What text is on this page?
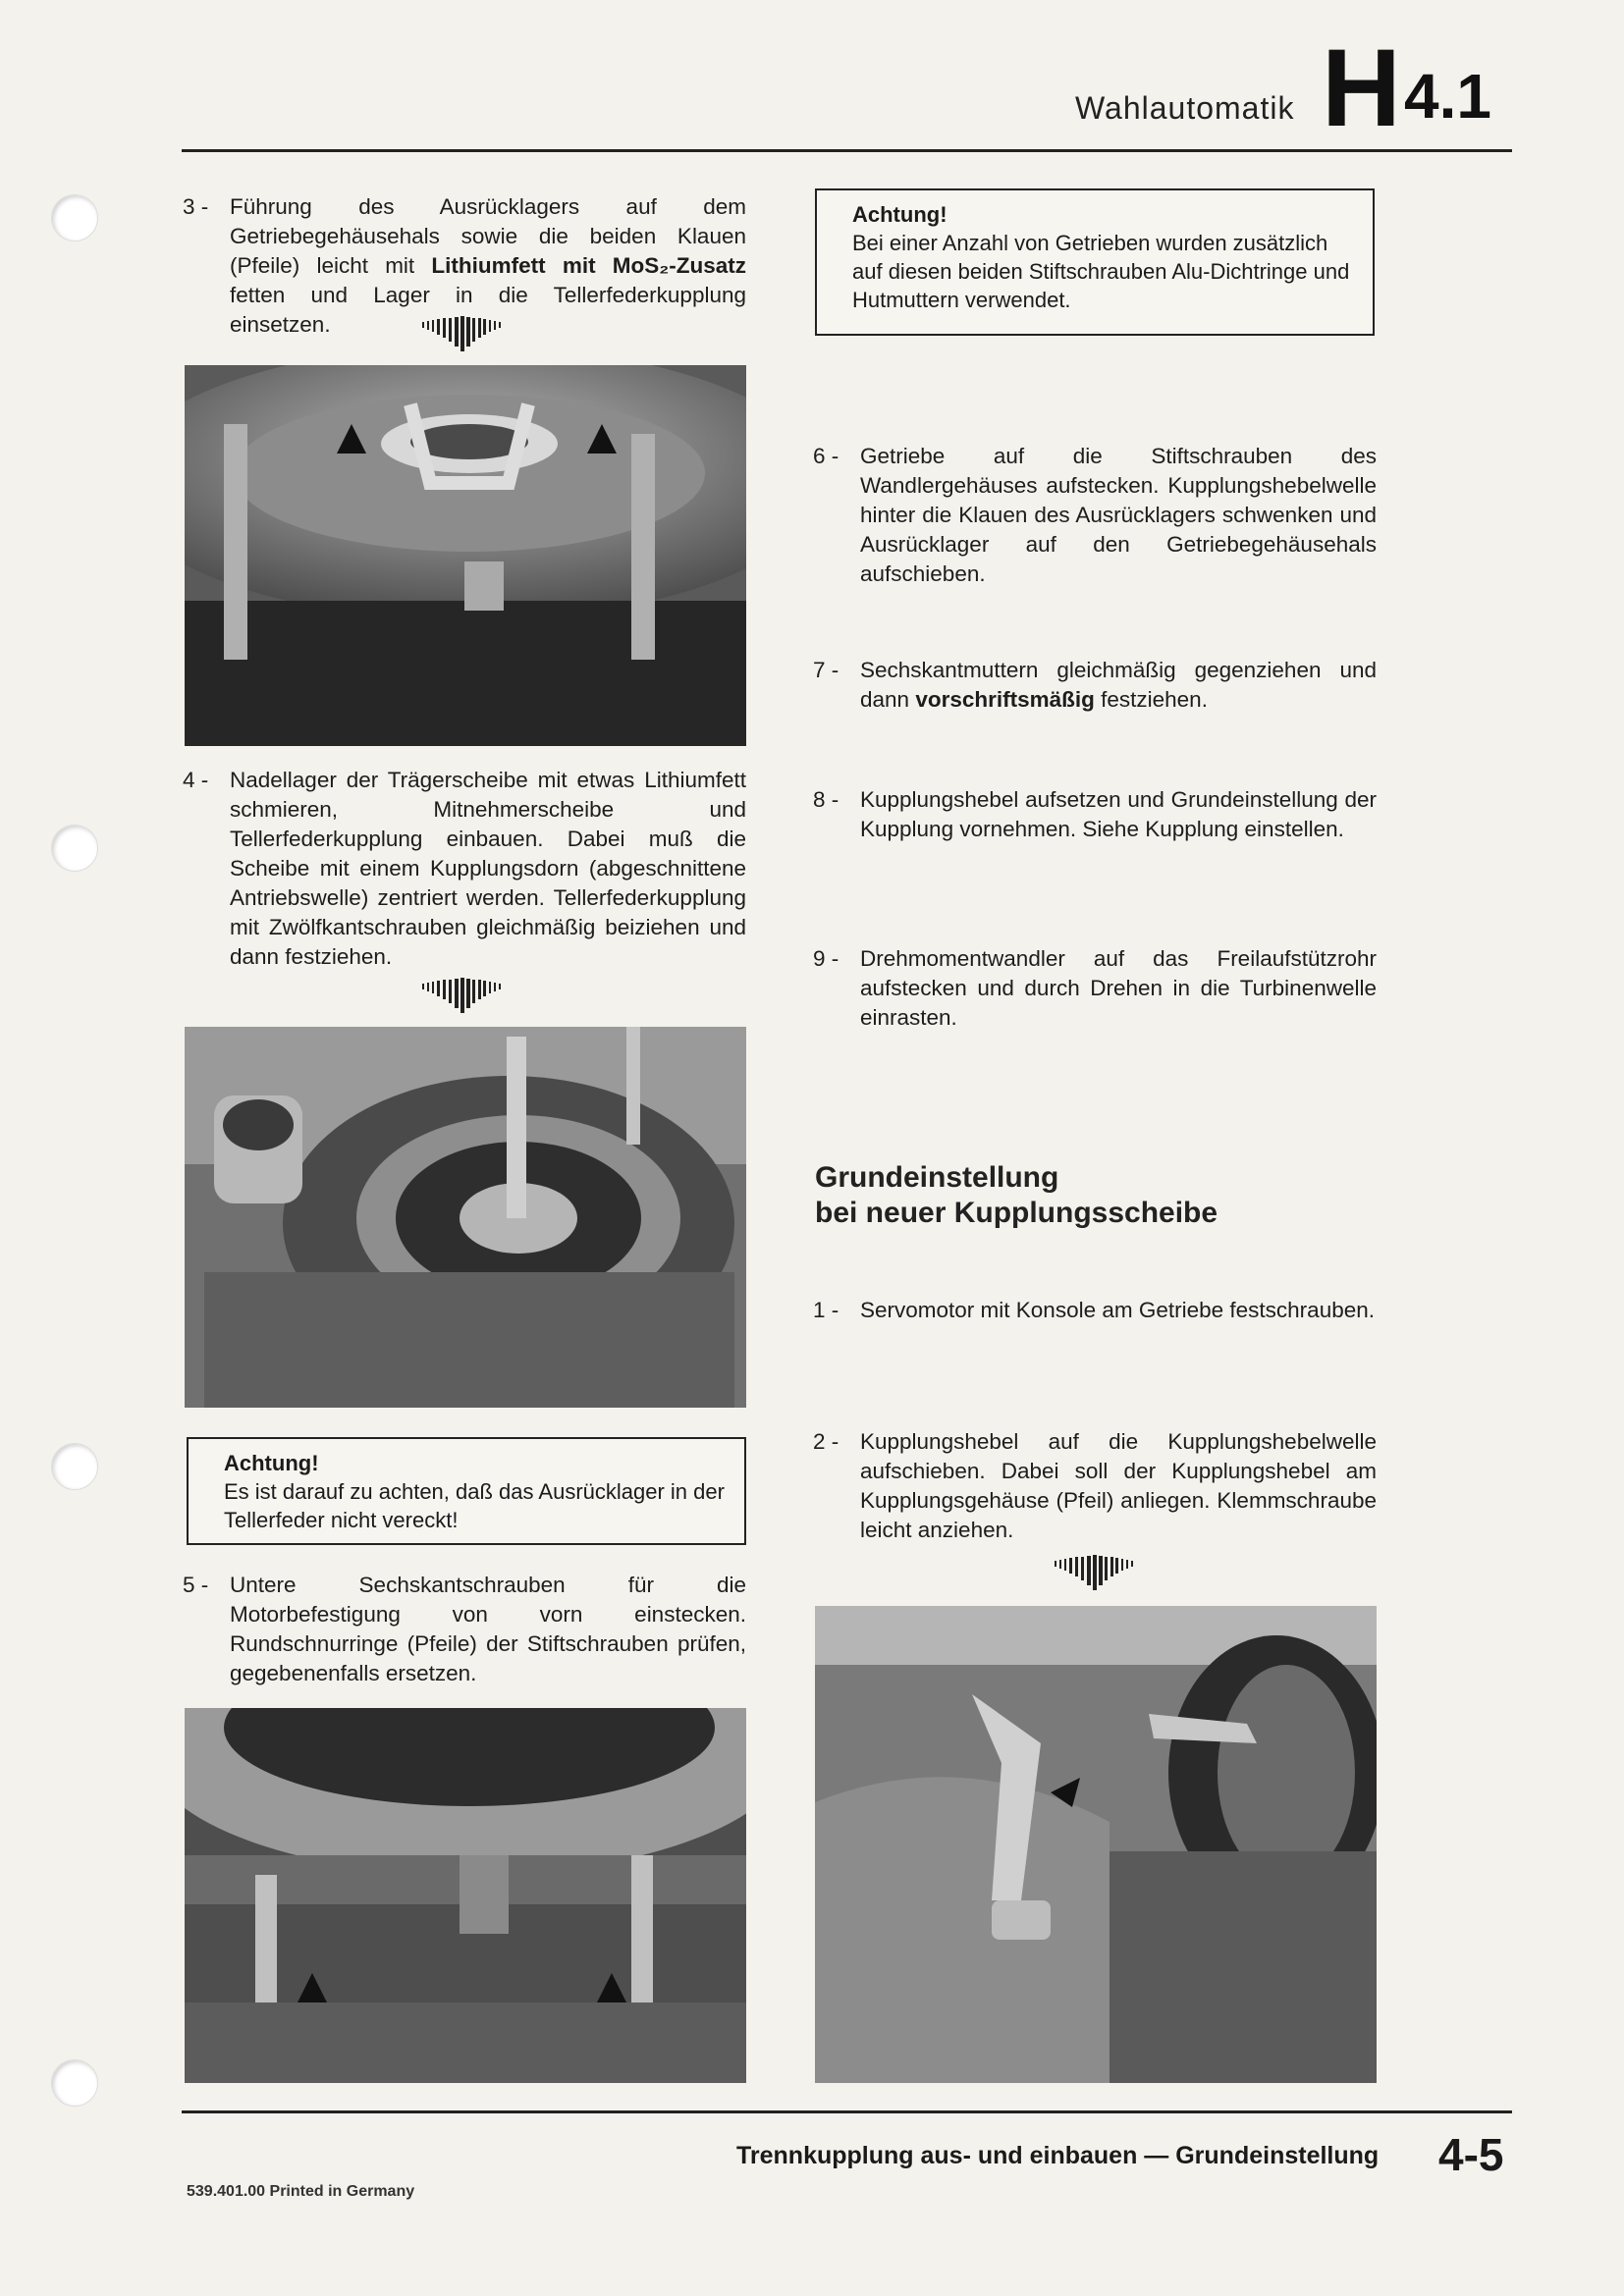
Wahlautomatik H 4.1
3 - Führung des Ausrücklagers auf dem Getriebegehäusehals sowie die beiden Klauen (Pfeile) leicht mit Lithiumfett mit MoS₂-Zusatz fetten und Lager in die Tellerfederkupplung einsetzen.
4 - Nadellager der Trägerscheibe mit etwas Lithiumfett schmieren, Mitnehmerscheibe und Tellerfederkupplung einbauen. Dabei muß die Scheibe mit einem Kupplungsdorn (abgeschnittene Antriebswelle) zentriert werden. Tellerfederkupplung mit Zwölfkantschrauben gleichmäßig beiziehen und dann festziehen.
Achtung!
Es ist darauf zu achten, daß das Ausrücklager in der Tellerfeder nicht vereckt!
5 - Untere Sechskantschrauben für die Motorbefestigung von vorn einstecken. Rundschnurringe (Pfeile) der Stiftschrauben prüfen, gegebenenfalls ersetzen.
Achtung!
Bei einer Anzahl von Getrieben wurden zusätzlich auf diesen beiden Stiftschrauben Alu-Dichtringe und Hutmuttern verwendet.
6 - Getriebe auf die Stiftschrauben des Wandlergehäuses aufstecken. Kupplungshebelwelle hinter die Klauen des Ausrücklagers schwenken und Ausrücklager auf den Getriebegehäusehals aufschieben.
7 - Sechskantmuttern gleichmäßig gegenziehen und dann vorschriftsmäßig festziehen.
8 - Kupplungshebel aufsetzen und Grundeinstellung der Kupplung vornehmen. Siehe Kupplung einstellen.
9 - Drehmomentwandler auf das Freilaufstützrohr aufstecken und durch Drehen in die Turbinenwelle einrasten.
Grundeinstellung
bei neuer Kupplungsscheibe
1 - Servomotor mit Konsole am Getriebe festschrauben.
2 - Kupplungshebel auf die Kupplungshebelwelle aufschieben. Dabei soll der Kupplungshebel am Kupplungsgehäuse (Pfeil) anliegen. Klemmschraube leicht anziehen.
Trennkupplung aus- und einbauen — Grundeinstellung 4-5
539.401.00 Printed in Germany
